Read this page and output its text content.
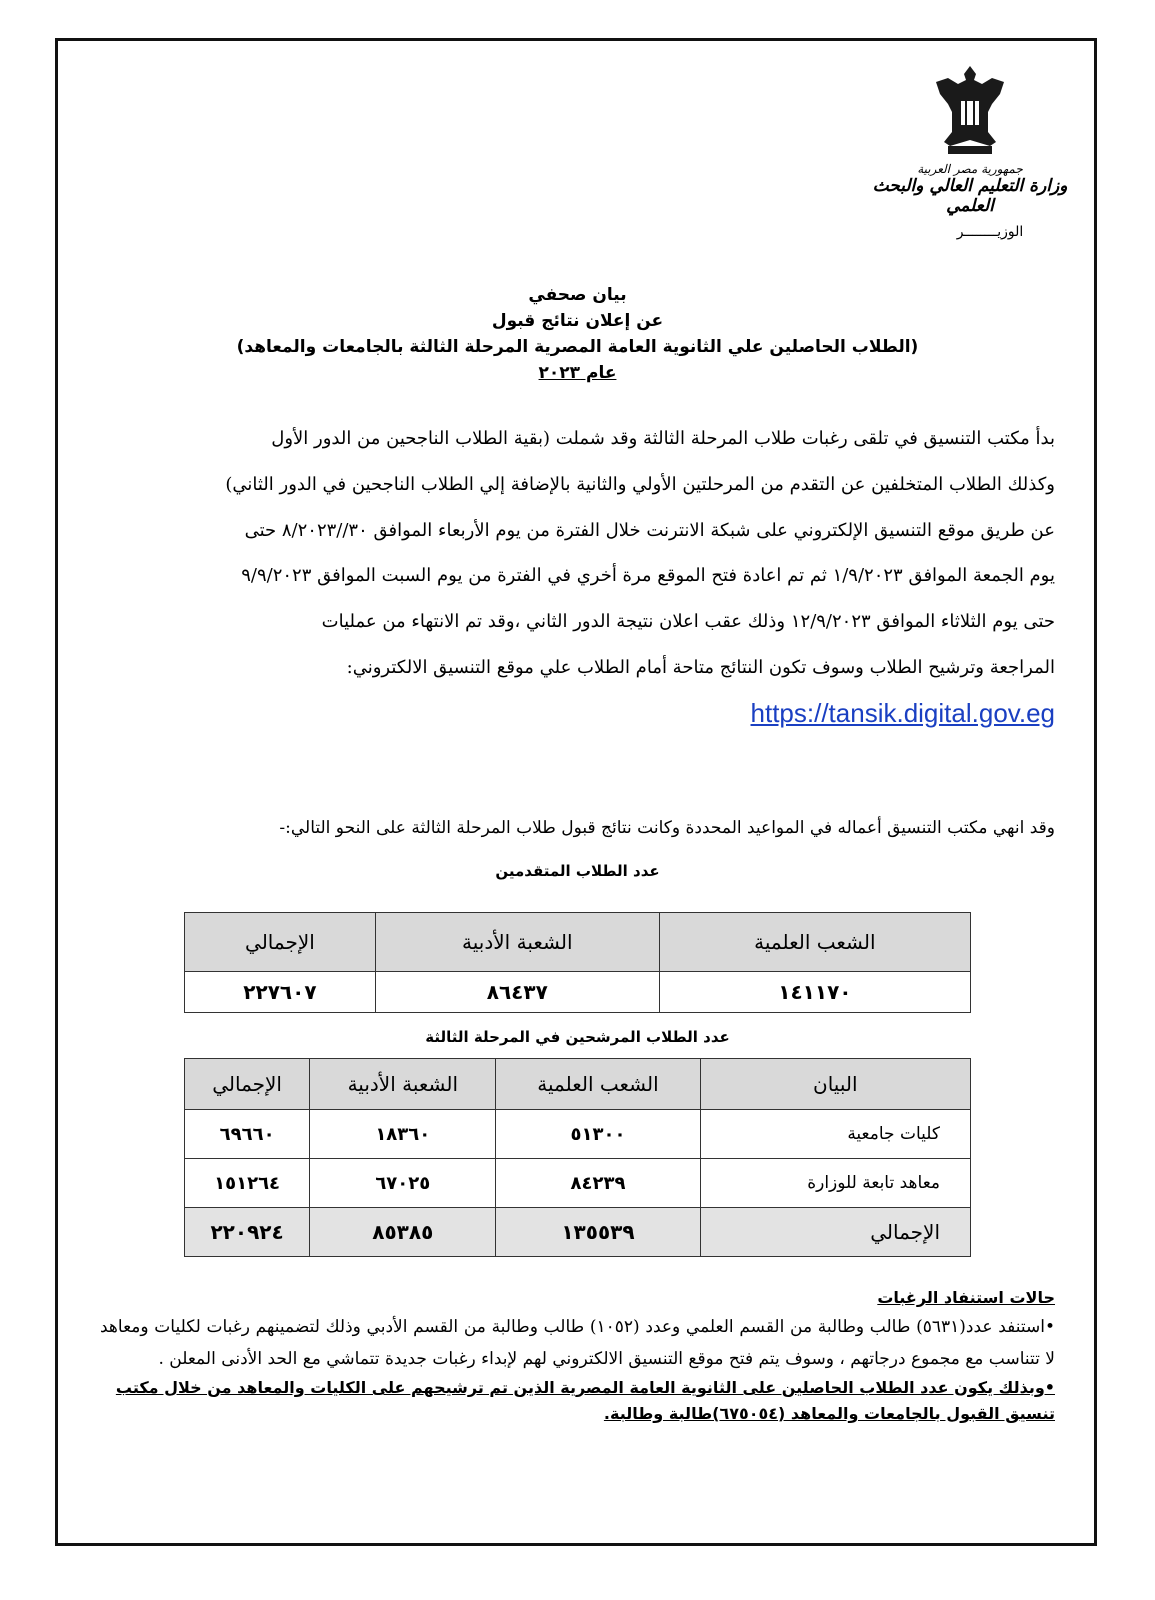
جمهورية مصر العربية
وزارة التعليم العالي والبحث العلمي
الوزيــــــــر
بيان صحفي
عن إعلان نتائج قبول
(الطلاب الحاصلين علي الثانوية العامة المصرية المرحلة الثالثة بالجامعات والمعاهد)
عام ٢٠٢٣
بدأ مكتب التنسيق في تلقى رغبات طلاب المرحلة الثالثة وقد شملت (بقية الطلاب الناجحين من الدور الأول
وكذلك الطلاب المتخلفين عن التقدم من المرحلتين الأولي والثانية بالإضافة إلي الطلاب الناجحين في الدور الثاني)
عن طريق موقع التنسيق الإلكتروني على شبكة الانترنت خلال الفترة من يوم الأربعاء الموافق ٣٠//٨/٢٠٢٣ حتى
يوم الجمعة الموافق ١/٩/٢٠٢٣ ثم تم اعادة فتح الموقع مرة أخري في الفترة من يوم السبت الموافق ٩/٩/٢٠٢٣
حتى يوم الثلاثاء الموافق ١٢/٩/٢٠٢٣ وذلك عقب اعلان نتيجة الدور الثاني ،وقد تم الانتهاء من عمليات
المراجعة وترشيح الطلاب وسوف تكون النتائج متاحة أمام الطلاب علي موقع التنسيق الالكتروني:
https://tansik.digital.gov.eg
وقد انهي مكتب التنسيق أعماله في المواعيد المحددة وكانت نتائج قبول طلاب المرحلة الثالثة على النحو التالي:-
عدد الطلاب المتقدمين
الشعب العلمية	الشعبة الأدبية	الإجمالي
١٤١١٧٠	٨٦٤٣٧	٢٢٧٦٠٧
عدد الطلاب المرشحين في المرحلة الثالثة
البيان	الشعب العلمية	الشعبة الأدبية	الإجمالي
كليات جامعية	٥١٣٠٠	١٨٣٦٠	٦٩٦٦٠
معاهد تابعة للوزارة	٨٤٢٣٩	٦٧٠٢٥	١٥١٢٦٤
الإجمالي	١٣٥٥٣٩	٨٥٣٨٥	٢٢٠٩٢٤
حالات استنفاد الرغبات
•استنفد عدد(٥٦٣١) طالب وطالبة من القسم العلمي وعدد (١٠٥٢) طالب وطالبة من القسم الأدبي وذلك لتضمينهم رغبات لكليات ومعاهد لا تتناسب مع مجموع درجاتهم ، وسوف يتم فتح موقع التنسيق الالكتروني لهم لإبداء رغبات جديدة تتماشي مع الحد الأدنى المعلن .
•وبذلك يكون عدد الطلاب الحاصلين على الثانوية العامة المصرية الذين تم ترشيحهم على الكليات والمعاهد من خلال مكتب تنسيق القبول بالجامعات والمعاهد (٦٧٥٠٥٤)طالبة وطالبة.
